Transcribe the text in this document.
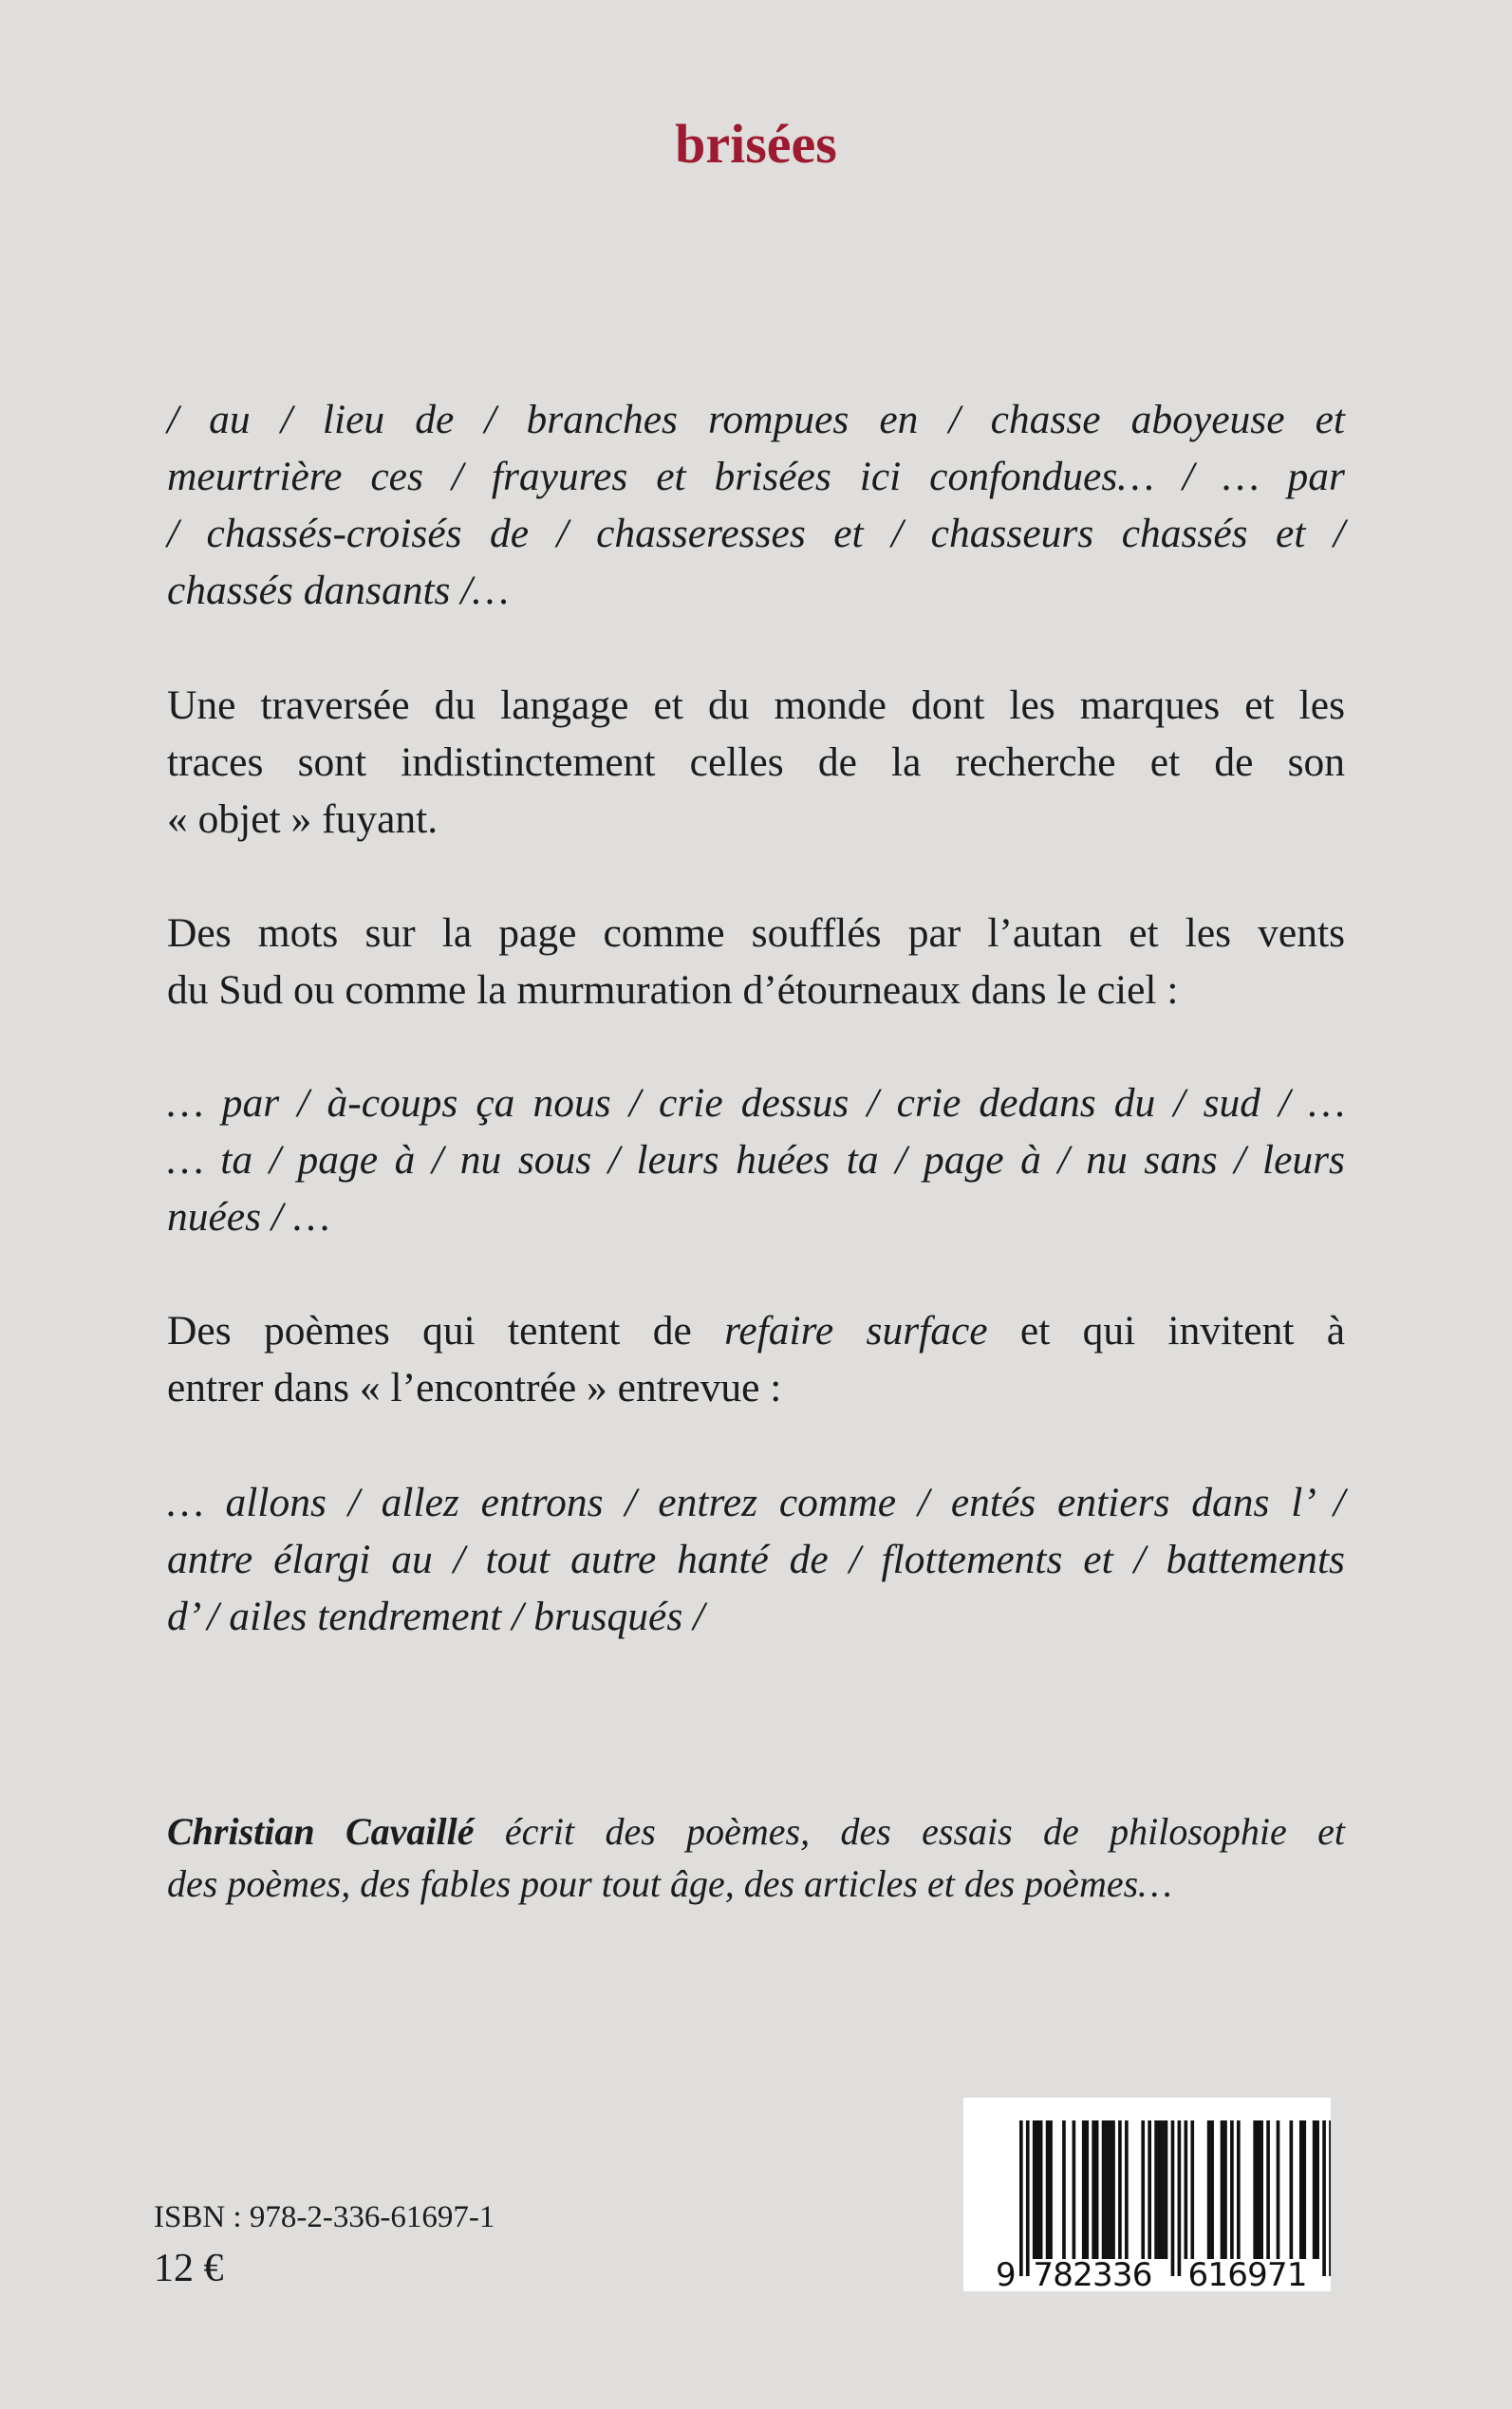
brisées
/ au / lieu de / branches rompues en / chasse aboyeuse et
meurtrière ces / frayures et brisées ici confondues… / … par
/ chassés-croisés de / chasseresses et / chasseurs chassés et /
chassés dansants /…
Une traversée du langage et du monde dont les marques et les
traces sont indistinctement celles de la recherche et de son
« objet » fuyant.
Des mots sur la page comme soufflés par l’autan et les vents
du Sud ou comme la murmuration d’étourneaux dans le ciel :
… par / à-coups ça nous / crie dessus / crie dedans du / sud / …
… ta / page à / nu sous / leurs huées ta / page à / nu sans / leurs
nuées / …
Des poèmes qui tentent de refaire surface et qui invitent à
entrer dans « l’encontrée » entrevue :
… allons / allez entrons / entrez comme / entés entiers dans l’ /
antre élargi au / tout autre hanté de / flottements et / battements
d’ / ailes tendrement / brusqués /
Christian Cavaillé écrit des poèmes, des essais de philosophie et
des poèmes, des fables pour tout âge, des articles et des poèmes…
ISBN : 978-2-336-61697-1
12 €	9 782336 616971
